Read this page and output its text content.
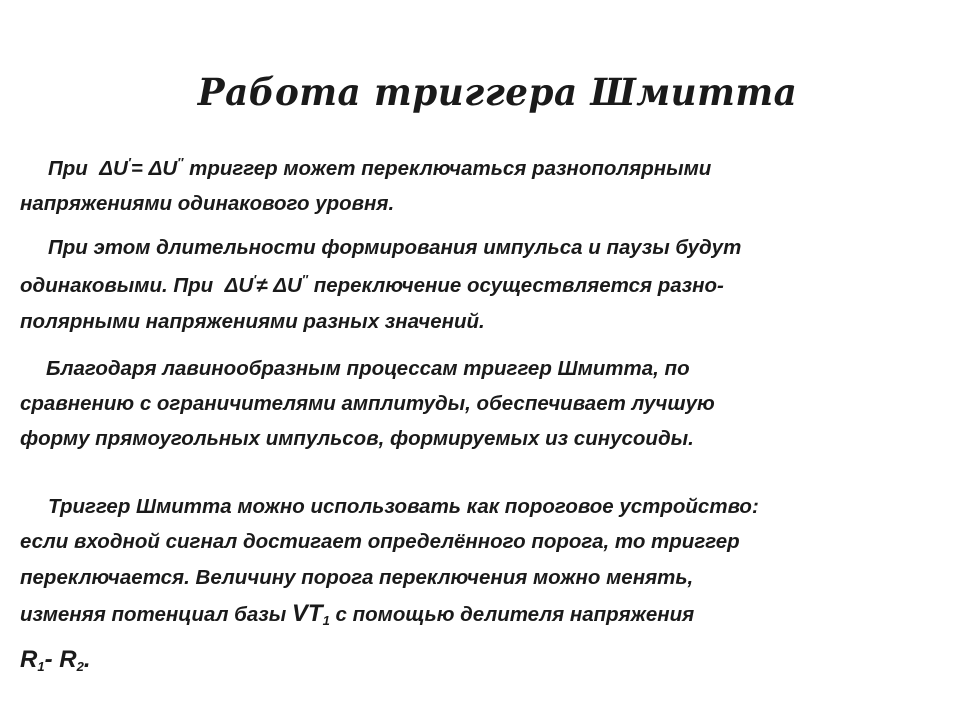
Работа триггера Шмитта

При ΔU′= ΔU″ триггер может переключаться разнополярными

напряжениями одинакового уровня.

При этом длительности формирования импульса и паузы будут

одинаковыми. При ΔU′≠ ΔU″ переключение осуществляется разно-

полярными напряжениями разных значений.

Благодаря лавинообразным процессам триггер Шмитта, по

сравнению с ограничителями амплитуды, обеспечивает лучшую

форму прямоугольных импульсов, формируемых из синусоиды.

Триггер Шмитта можно использовать как пороговое устройство:

если входной сигнал достигает определённого порога, то триггер

переключается. Величину порога переключения можно менять,

изменяя потенциал базы $VT_1$ с помощью делителя напряжения

$R_1-$ $R_2$.
